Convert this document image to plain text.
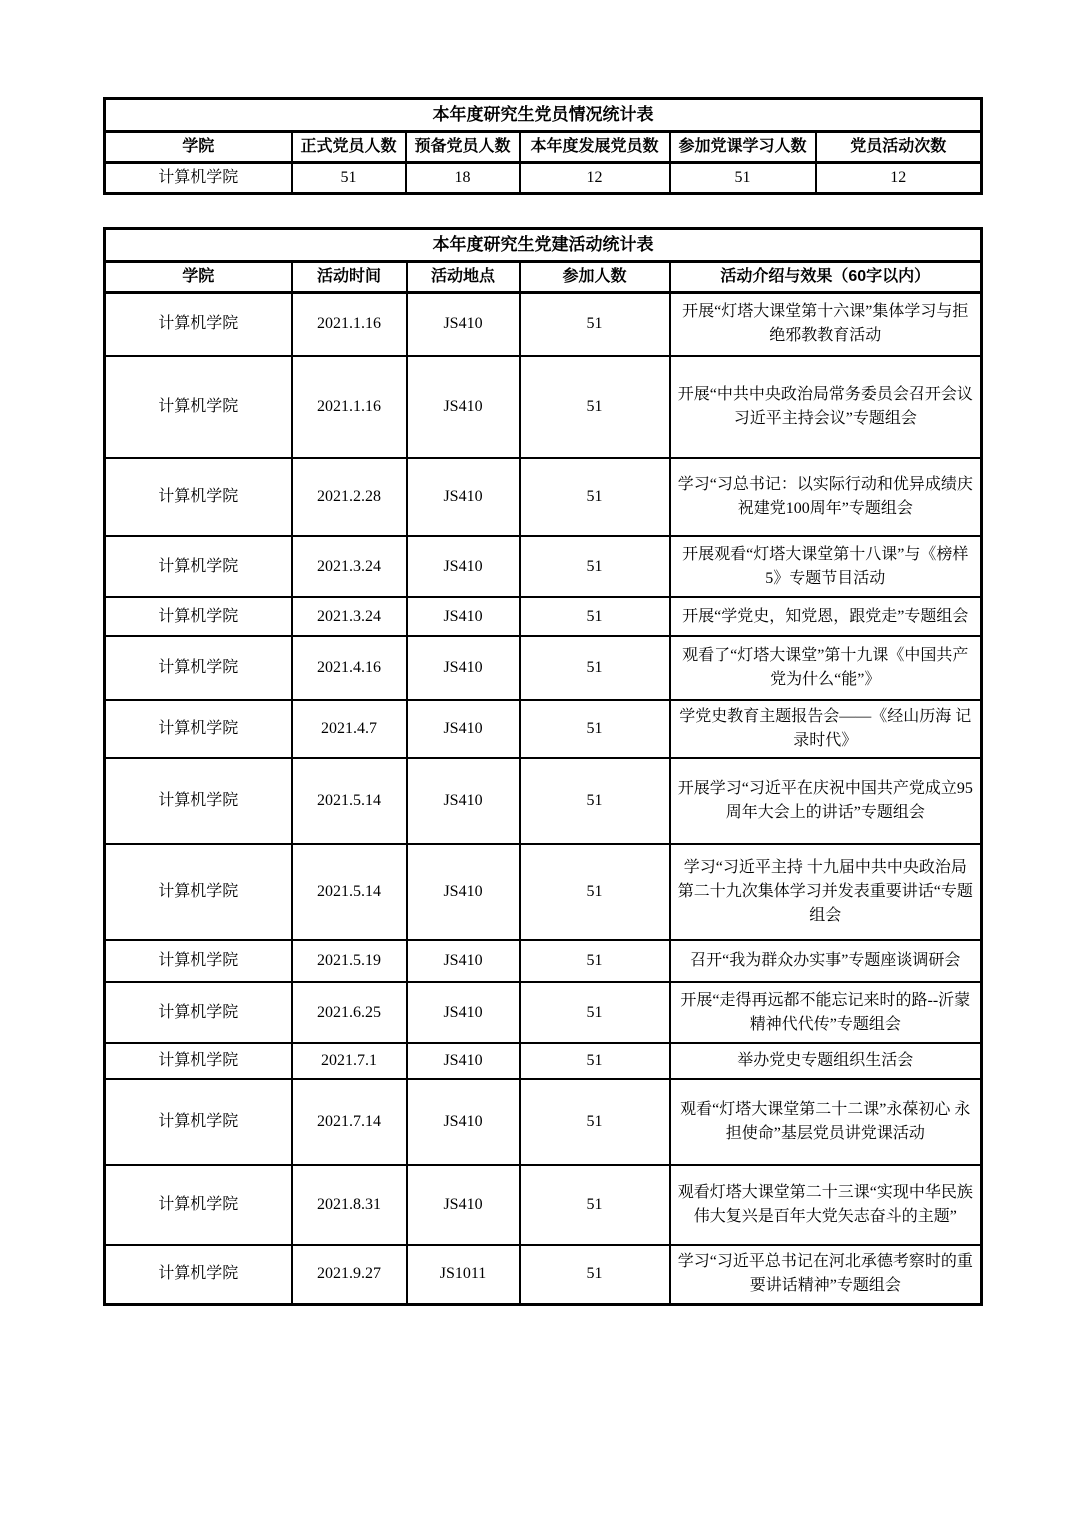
本年度研究生党员情况统计表					
学院	正式党员人数	预备党员人数	本年度发展党员数	参加党课学习人数	党员活动次数
计算机学院	51	18	12	51	12
本年度研究生党建活动统计表				
学院	活动时间	活动地点	参加人数	活动介绍与效果（60字以内）
计算机学院	2021.1.16	JS410	51	开展“灯塔大课堂第十六课”集体学习与拒绝邪教教育活动
计算机学院	2021.1.16	JS410	51	开展“中共中央政治局常务委员会召开会议 习近平主持会议”专题组会
计算机学院	2021.2.28	JS410	51	学习“习总书记：以实际行动和优异成绩庆祝建党100周年”专题组会
计算机学院	2021.3.24	JS410	51	开展观看“灯塔大课堂第十八课”与《榜样5》专题节目活动
计算机学院	2021.3.24	JS410	51	开展“学党史，知党恩，跟党走”专题组会
计算机学院	2021.4.16	JS410	51	观看了“灯塔大课堂”第十九课《中国共产党为什么“能”》
计算机学院	2021.4.7	JS410	51	学党史教育主题报告会——《经山历海 记录时代》
计算机学院	2021.5.14	JS410	51	开展学习“习近平在庆祝中国共产党成立95周年大会上的讲话”专题组会
计算机学院	2021.5.14	JS410	51	学习“习近平主持 十九届中共中央政治局第二十九次集体学习并发表重要讲话“专题组会
计算机学院	2021.5.19	JS410	51	召开“我为群众办实事”专题座谈调研会
计算机学院	2021.6.25	JS410	51	开展“走得再远都不能忘记来时的路--沂蒙精神代代传”专题组会
计算机学院	2021.7.1	JS410	51	举办党史专题组织生活会
计算机学院	2021.7.14	JS410	51	观看“灯塔大课堂第二十二课”永葆初心 永担使命”基层党员讲党课活动
计算机学院	2021.8.31	JS410	51	观看灯塔大课堂第二十三课“实现中华民族伟大复兴是百年大党矢志奋斗的主题”
计算机学院	2021.9.27	JS1011	51	学习“习近平总书记在河北承德考察时的重要讲话精神”专题组会
